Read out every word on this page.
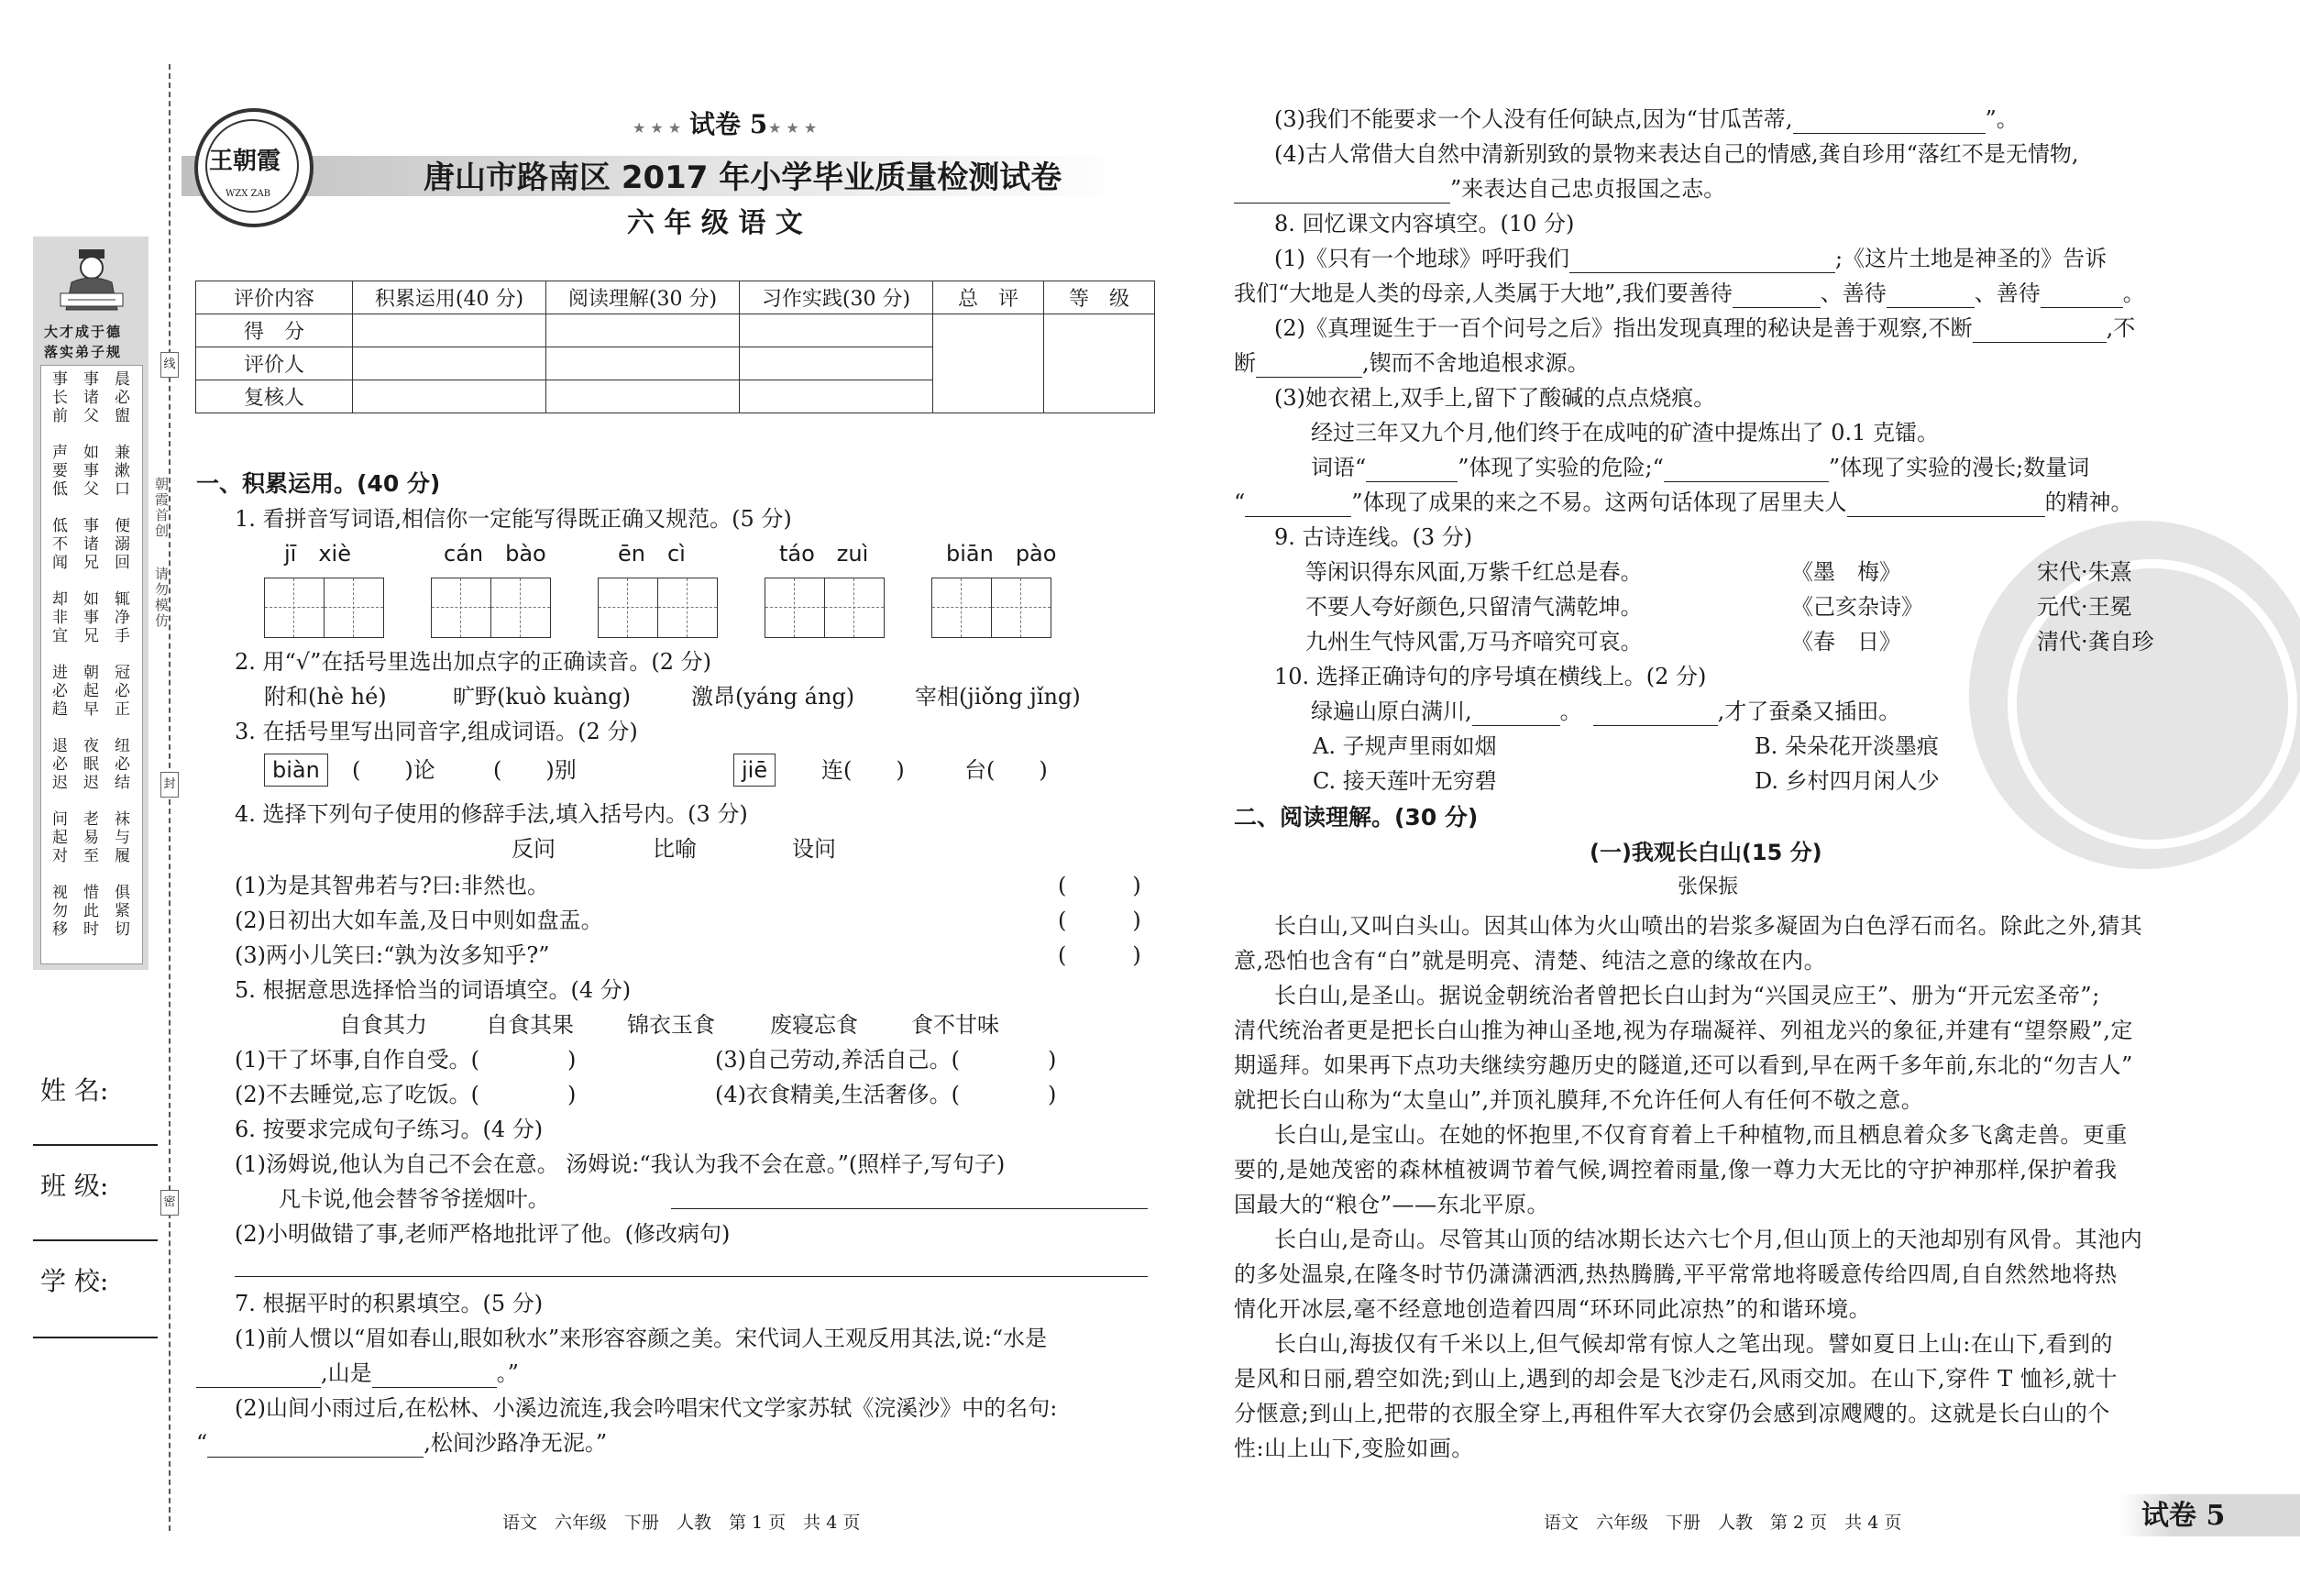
大才成于德
落实弟子规
事长前 事诸父 晨必盥
声要低 如事父 兼漱口
低不闻 事诸兄 便溺回
却非宜 如事兄 辄净手
进必趋 朝起早 冠必正
退必迟 夜眠迟 纽必结
问起对 老易至 袜与履
视勿移 惜此时 俱紧切
朝霞首创
请勿模仿
线
封
密
姓 名:
班 级:
学 校:
王朝霞
WZX ZAB
★ ★ ★ 试卷 5 ★ ★ ★
唐山市路南区 2017 年小学毕业质量检测试卷
六 年 级 语 文
评价内容	积累运用(40 分)	阅读理解(30 分)	习作实践(30 分)	总　评	等　级
得　分					
评价人					
复核人					
一、积累运用。(40 分)
1. 看拼音写词语,相信你一定能写得既正确又规范。(5 分)
jī　xiè	cán　bào	ēn　cì	táo　zuì	biān　pào
2. 用“√”在括号里选出加点字的正确读音。(2 分)
附和(hè hé)	旷野(kuò kuàng)	激昂(yáng áng)	宰相(jiǒng jǐng)
3. 在括号里写出同音字,组成词语。(2 分)
biàn	(　　)论	(　　)别	jiē	连(　　)	台(　　)
4. 选择下列句子使用的修辞手法,填入括号内。(3 分)
反问	比喻	设问
(1)为是其智弗若与?曰:非然也。	(　　　)
(2)日初出大如车盖,及日中则如盘盂。	(　　　)
(3)两小儿笑曰:“孰为汝多知乎?”	(　　　)
5. 根据意思选择恰当的词语填空。(4 分)
自食其力	自食其果 锦衣玉食	废寝忘食 食不甘味
(1)干了坏事,自作自受。(　　　　)	(3)自己劳动,养活自己。(　　　　)
(2)不去睡觉,忘了吃饭。(　　　　)	(4)衣食精美,生活奢侈。(　　　　)
6. 按要求完成句子练习。(4 分)
(1)汤姆说,他认为自己不会在意。 汤姆说:“我认为我不会在意。”(照样子,写句子)
凡卡说,他会替爷爷搓烟叶。
(2)小明做错了事,老师严格地批评了他。(修改病句)
7. 根据平时的积累填空。(5 分)
(1)前人惯以“眉如春山,眼如秋水”来形容容颜之美。宋代词人王观反用其法,说:“水是
,山是	。”
(2)山间小雨过后,在松林、小溪边流连,我会吟唱宋代文学家苏轼《浣溪沙》中的名句:
“	,松间沙路净无泥。”
语文　六年级　下册　人教　第 1 页　共 4 页
(3)我们不能要求一个人没有任何缺点,因为“甘瓜苦蒂,	”。
(4)古人常借大自然中清新别致的景物来表达自己的情感,龚自珍用“落红不是无情物,
”来表达自己忠贞报国之志。
8. 回忆课文内容填空。(10 分)
(1)《只有一个地球》呼吁我们	;《这片土地是神圣的》告诉
我们“大地是人类的母亲,人类属于大地”,我们要善待	、善待	、善待	。
(2)《真理诞生于一百个问号之后》指出发现真理的秘诀是善于观察,不断	,不
断	,锲而不舍地追根求源。
(3)她衣裙上,双手上,留下了酸碱的点点烧痕。
经过三年又九个月,他们终于在成吨的矿渣中提炼出了 0.1 克镭。
词语“	”体现了实验的危险;“	”体现了实验的漫长;数量词
“	”体现了成果的来之不易。这两句话体现了居里夫人	的精神。
9. 古诗连线。(3 分)
等闲识得东风面,万紫千红总是春。	《墨　梅》	宋代·朱熹
不要人夸好颜色,只留清气满乾坤。	《己亥杂诗》	元代·王冕
九州生气恃风雷,万马齐喑究可哀。	《春　日》	清代·龚自珍
10. 选择正确诗句的序号填在横线上。(2 分)
绿遍山原白满川,	。　	,才了蚕桑又插田。
A. 子规声里雨如烟	B. 朵朵花开淡墨痕
C. 接天莲叶无穷碧	D. 乡村四月闲人少
二、阅读理解。(30 分)
(一)我观长白山(15 分)
张保振
长白山,又叫白头山。因其山体为火山喷出的岩浆多凝固为白色浮石而名。除此之外,猜其
意,恐怕也含有“白”就是明亮、清楚、纯洁之意的缘故在内。
长白山,是圣山。据说金朝统治者曾把长白山封为“兴国灵应王”、册为“开元宏圣帝”;
清代统治者更是把长白山推为神山圣地,视为存瑞凝祥、列祖龙兴的象征,并建有“望祭殿”,定
期遥拜。如果再下点功夫继续穷趣历史的隧道,还可以看到,早在两千多年前,东北的“勿吉人”
就把长白山称为“太皇山”,并顶礼膜拜,不允许任何人有任何不敬之意。
长白山,是宝山。在她的怀抱里,不仅育育着上千种植物,而且栖息着众多飞禽走兽。更重
要的,是她茂密的森林植被调节着气候,调控着雨量,像一尊力大无比的守护神那样,保护着我
国最大的“粮仓”——东北平原。
长白山,是奇山。尽管其山顶的结冰期长达六七个月,但山顶上的天池却别有风骨。其池内
的多处温泉,在隆冬时节仍潇潇洒洒,热热腾腾,平平常常地将暖意传给四周,自自然然地将热
情化开冰层,毫不经意地创造着四周“环环同此凉热”的和谐环境。
长白山,海拔仅有千米以上,但气候却常有惊人之笔出现。譬如夏日上山:在山下,看到的
是风和日丽,碧空如洗;到山上,遇到的却会是飞沙走石,风雨交加。在山下,穿件 T 恤衫,就十
分惬意;到山上,把带的衣服全穿上,再租件军大衣穿仍会感到凉飕飕的。这就是长白山的个
性:山上山下,变脸如画。
语文　六年级　下册　人教　第 2 页　共 4 页	试卷 5
